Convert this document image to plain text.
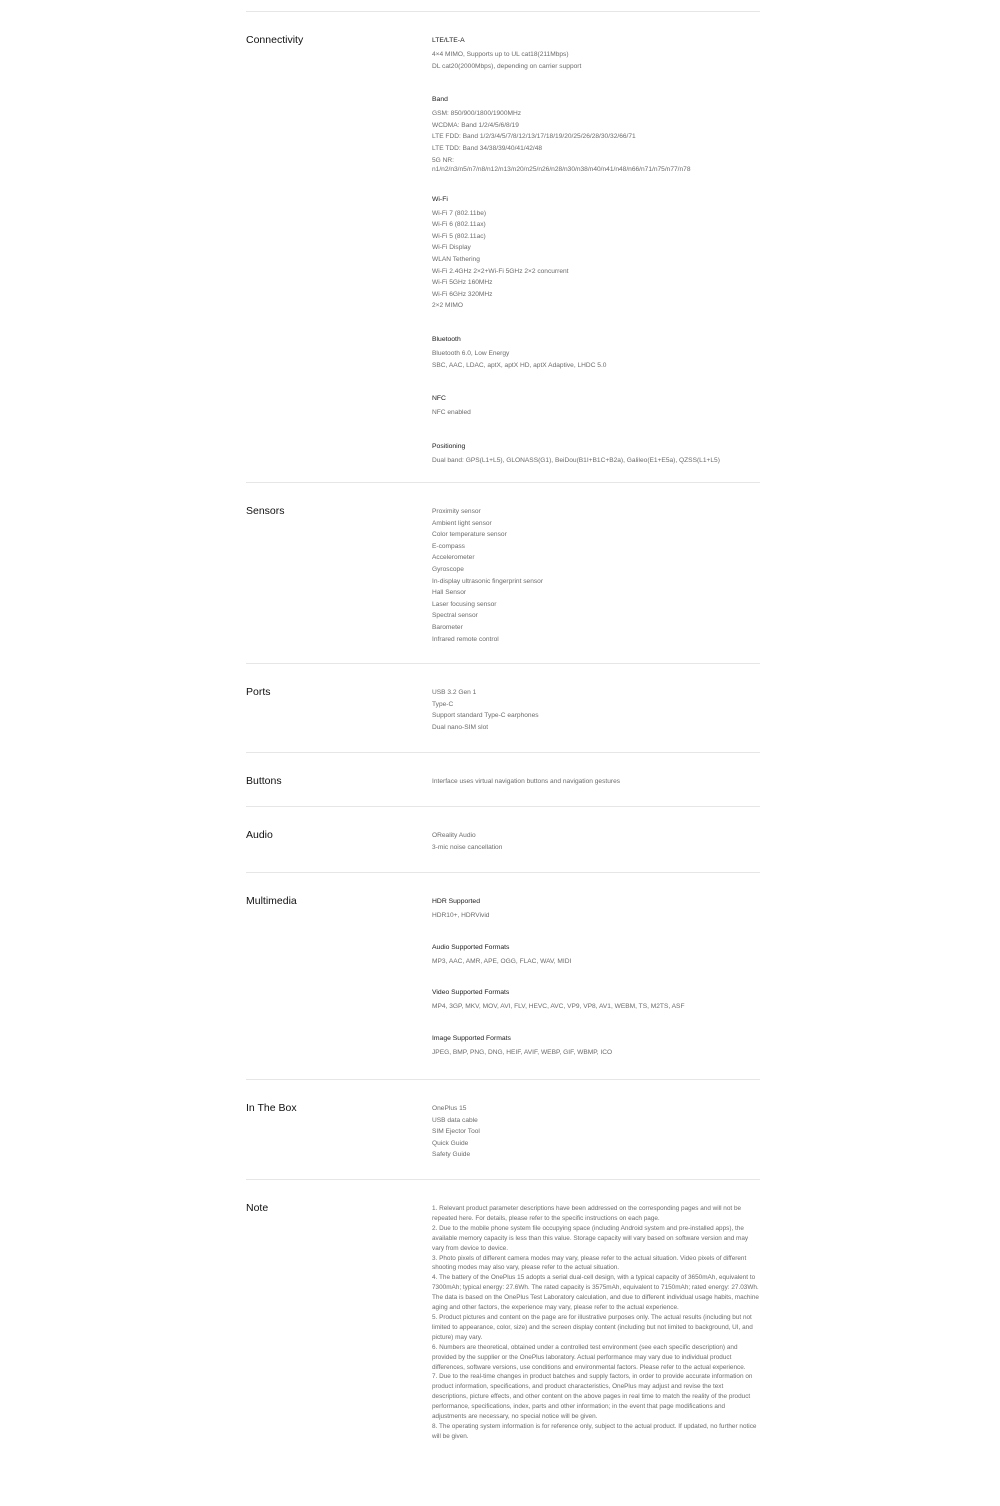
Connectivity	LTE/LTE-A
4×4 MIMO, Supports up to UL cat18(211Mbps)
DL cat20(2000Mbps), depending on carrier support
Band
GSM: 850/900/1800/1900MHz
WCDMA: Band 1/2/4/5/6/8/19
LTE FDD: Band 1/2/3/4/5/7/8/12/13/17/18/19/20/25/26/28/30/32/66/71
LTE TDD: Band 34/38/39/40/41/42/48
5G NR:
n1/n2/n3/n5/n7/n8/n12/n13/n20/n25/n26/n28/n30/n38/n40/n41/n48/n66/n71/n75/n77/n78
Wi-Fi
Wi-Fi 7 (802.11be)
Wi-Fi 6 (802.11ax)
Wi-Fi 5 (802.11ac)
Wi-Fi Display
WLAN Tethering
Wi-Fi 2.4GHz 2×2+Wi-Fi 5GHz 2×2 concurrent
Wi-Fi 5GHz 160MHz
Wi-Fi 6GHz 320MHz
2×2 MIMO
Bluetooth
Bluetooth 6.0, Low Energy
SBC, AAC, LDAC, aptX, aptX HD, aptX Adaptive, LHDC 5.0
NFC
NFC enabled
Positioning
Dual band: GPS(L1+L5), GLONASS(G1), BeiDou(B1I+B1C+B2a), Galileo(E1+E5a), QZSS(L1+L5)
Sensors	Proximity sensor
Ambient light sensor
Color temperature sensor
E-compass
Accelerometer
Gyroscope
In-display ultrasonic fingerprint sensor
Hall Sensor
Laser focusing sensor
Spectral sensor
Barometer
Infrared remote control
Ports	USB 3.2 Gen 1
Type-C
Support standard Type-C earphones
Dual nano-SIM slot
Buttons	Interface uses virtual navigation buttons and navigation gestures
Audio	OReality Audio
3-mic noise cancellation
Multimedia	HDR Supported
HDR10+, HDRVivid
Audio Supported Formats
MP3, AAC, AMR, APE, OGG, FLAC, WAV, MIDI
Video Supported Formats
MP4, 3GP, MKV, MOV, AVI, FLV, HEVC, AVC, VP9, VP8, AV1, WEBM, TS, M2TS, ASF
Image Supported Formats
JPEG, BMP, PNG, DNG, HEIF, AVIF, WEBP, GIF, WBMP, ICO
In The Box	OnePlus 15
USB data cable
SIM Ejector Tool
Quick Guide
Safety Guide
Note	1. Relevant product parameter descriptions have been addressed on the corresponding pages and will not be repeated here. For details, please refer to the specific instructions on each page.
2. Due to the mobile phone system file occupying space (including Android system and pre-installed apps), the available memory capacity is less than this value. Storage capacity will vary based on software version and may vary from device to device.
3. Photo pixels of different camera modes may vary, please refer to the actual situation. Video pixels of different shooting modes may also vary, please refer to the actual situation.
4. The battery of the OnePlus 15 adopts a serial dual-cell design, with a typical capacity of 3650mAh, equivalent to 7300mAh; typical energy: 27.6Wh. The rated capacity is 3575mAh, equivalent to 7150mAh; rated energy: 27.03Wh. The data is based on the OnePlus Test Laboratory calculation, and due to different individual usage habits, machine aging and other factors, the experience may vary, please refer to the actual experience.
5. Product pictures and content on the page are for illustrative purposes only. The actual results (including but not limited to appearance, color, size) and the screen display content (including but not limited to background, UI, and picture) may vary.
6. Numbers are theoretical, obtained under a controlled test environment (see each specific description) and provided by the supplier or the OnePlus laboratory. Actual performance may vary due to individual product differences, software versions, use conditions and environmental factors. Please refer to the actual experience.
7. Due to the real-time changes in product batches and supply factors, in order to provide accurate information on product information, specifications, and product characteristics, OnePlus may adjust and revise the text descriptions, picture effects, and other content on the above pages in real time to match the reality of the product performance, specifications, index, parts and other information; in the event that page modifications and adjustments are necessary, no special notice will be given.
8. The operating system information is for reference only, subject to the actual product. If updated, no further notice will be given.
